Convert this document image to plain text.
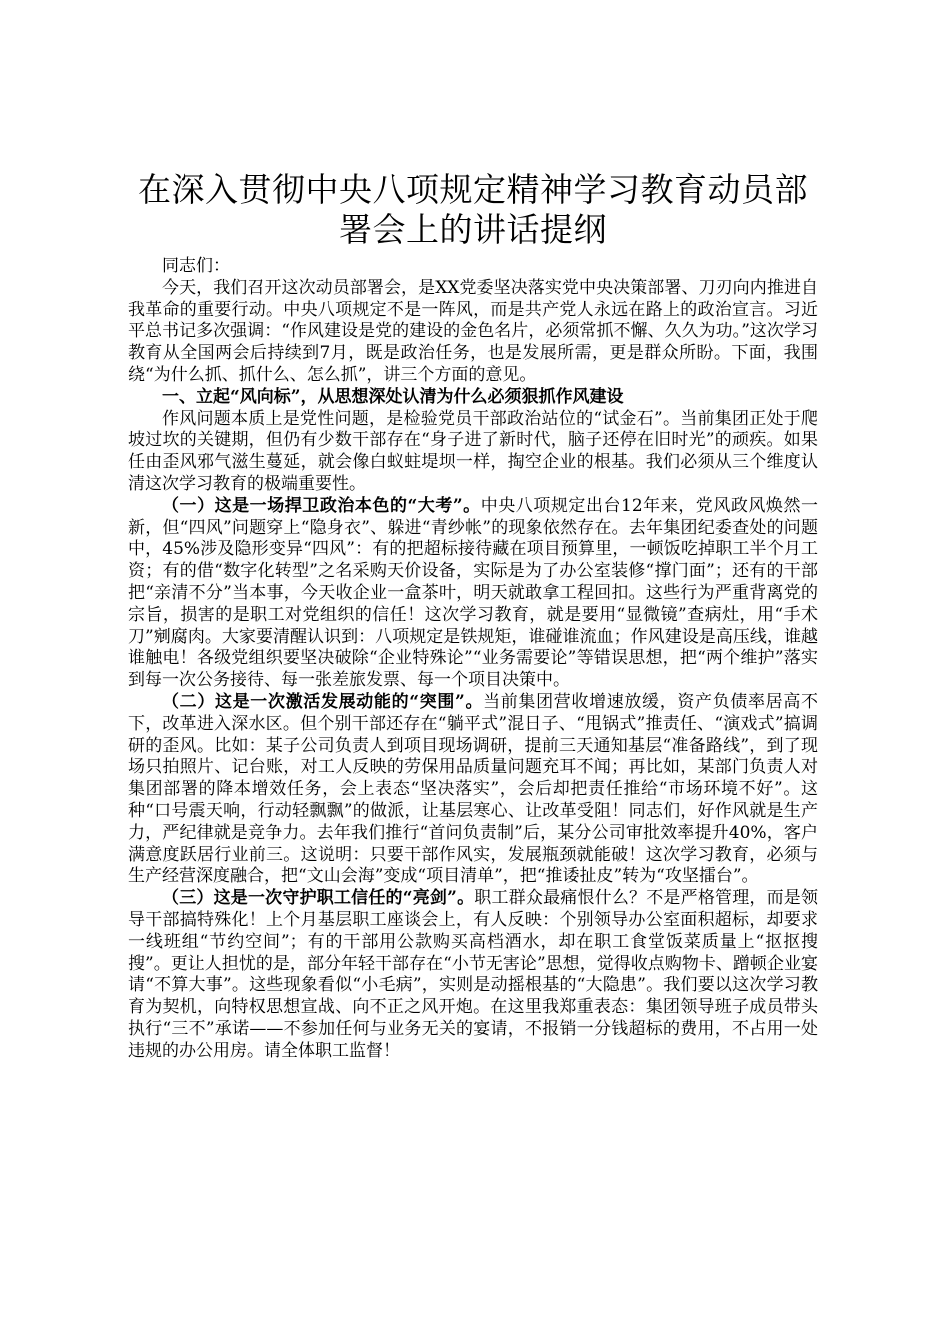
在深入贯彻中央八项规定精神学习教育动员部署会上的讲话提纲

同志们：

今天，我们召开这次动员部署会，是XX党委坚决落实党中央决策部署、刀刃向内推进自我革命的重要行动。中央八项规定不是一阵风，而是共产党人永远在路上的政治宣言。习近平总书记多次强调：“作风建设是党的建设的金色名片，必须常抓不懈、久久为功。”这次学习教育从全国两会后持续到7月，既是政治任务，也是发展所需，更是群众所盼。下面，我围绕“为什么抓、抓什么、怎么抓”，讲三个方面的意见。

一、立起“风向标”，从思想深处认清为什么必须狠抓作风建设

作风问题本质上是党性问题，是检验党员干部政治站位的“试金石”。当前集团正处于爬坡过坎的关键期，但仍有少数干部存在“身子进了新时代，脑子还停在旧时光”的顽疾。如果任由歪风邪气滋生蔓延，就会像白蚁蛀堤坝一样，掏空企业的根基。我们必须从三个维度认清这次学习教育的极端重要性。

（一）这是一场捍卫政治本色的“大考”。中央八项规定出台12年来，党风政风焕然一新，但“四风”问题穿上“隐身衣”、躲进“青纱帐”的现象依然存在。去年集团纪委查处的问题中，45%涉及隐形变异“四风”：有的把超标接待藏在项目预算里，一顿饭吃掉职工半个月工资；有的借“数字化转型”之名采购天价设备，实际是为了办公室装修“撑门面”；还有的干部把“亲清不分”当本事，今天收企业一盒茶叶，明天就敢拿工程回扣。这些行为严重背离党的宗旨，损害的是职工对党组织的信任！这次学习教育，就是要用“显微镜”查病灶，用“手术刀”剜腐肉。大家要清醒认识到：八项规定是铁规矩，谁碰谁流血；作风建设是高压线，谁越谁触电！各级党组织要坚决破除“企业特殊论”“业务需要论”等错误思想，把“两个维护”落实到每一次公务接待、每一张差旅发票、每一个项目决策中。

（二）这是一次激活发展动能的“突围”。当前集团营收增速放缓，资产负债率居高不下，改革进入深水区。但个别干部还存在“躺平式”混日子、“甩锅式”推责任、“演戏式”搞调研的歪风。比如：某子公司负责人到项目现场调研，提前三天通知基层“准备路线”，到了现场只拍照片、记台账，对工人反映的劳保用品质量问题充耳不闻；再比如，某部门负责人对集团部署的降本增效任务，会上表态“坚决落实”，会后却把责任推给“市场环境不好”。这种“口号震天响，行动轻飘飘”的做派，让基层寒心、让改革受阻！同志们，好作风就是生产力，严纪律就是竞争力。去年我们推行“首问负责制”后，某分公司审批效率提升40%，客户满意度跃居行业前三。这说明：只要干部作风实，发展瓶颈就能破！这次学习教育，必须与生产经营深度融合，把“文山会海”变成“项目清单”，把“推诿扯皮”转为“攻坚擂台”。

（三）这是一次守护职工信任的“亮剑”。职工群众最痛恨什么？不是严格管理，而是领导干部搞特殊化！上个月基层职工座谈会上，有人反映：个别领导办公室面积超标，却要求一线班组“节约空间”；有的干部用公款购买高档酒水，却在职工食堂饭菜质量上“抠抠搜搜”。更让人担忧的是，部分年轻干部存在“小节无害论”思想，觉得收点购物卡、蹭顿企业宴请“不算大事”。这些现象看似“小毛病”，实则是动摇根基的“大隐患”。我们要以这次学习教育为契机，向特权思想宣战、向不正之风开炮。在这里我郑重表态：集团领导班子成员带头执行“三不”承诺——不参加任何与业务无关的宴请，不报销一分钱超标的费用，不占用一处违规的办公用房。请全体职工监督！
